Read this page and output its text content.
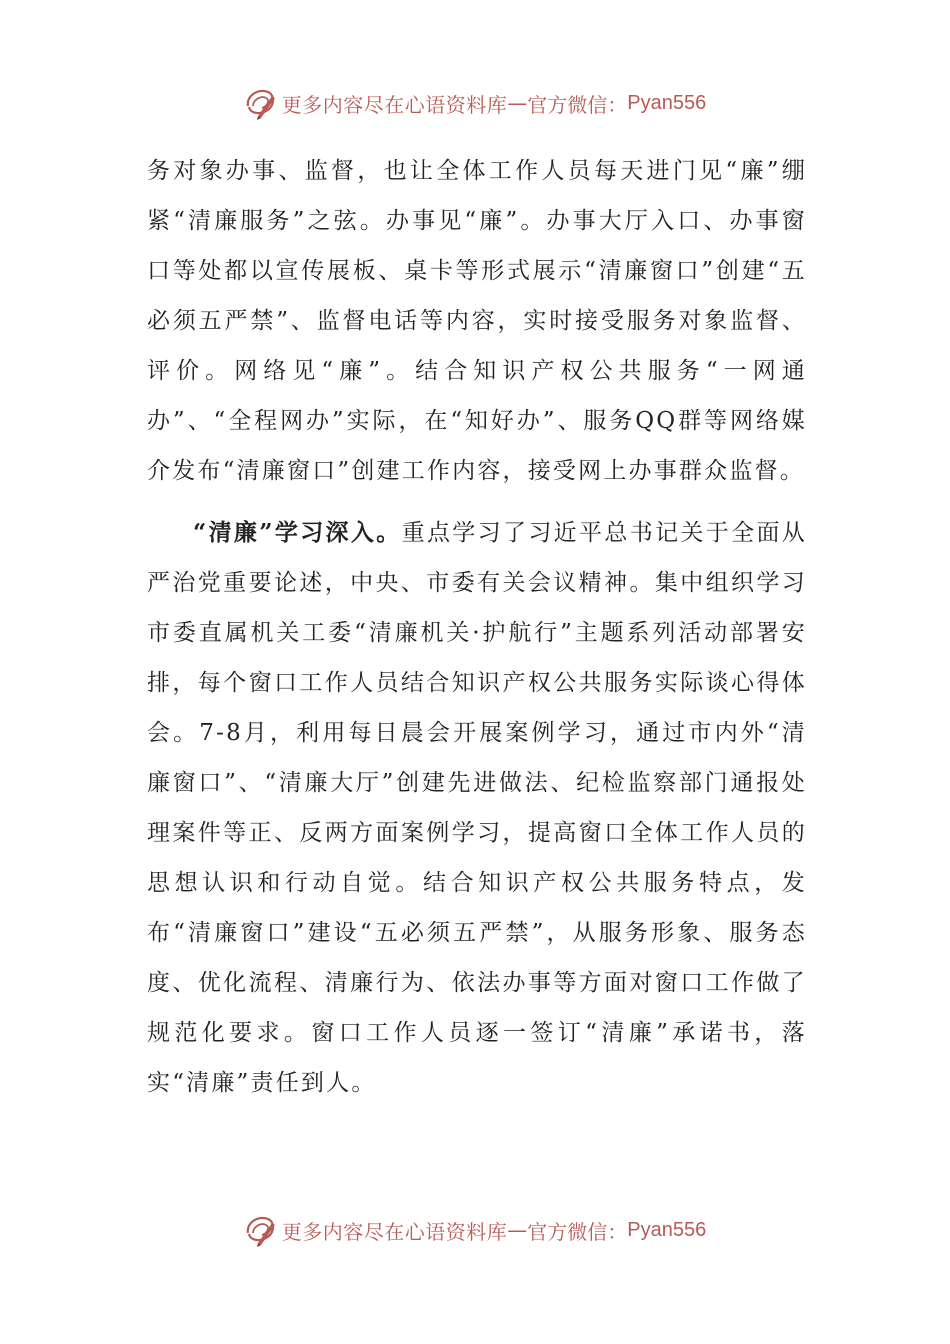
更多内容尽在心语资料库 — 官方微信： Pyan556

务对象办事、监督，也让全体工作人员每天进门见“廉”绷紧“清廉服务”之弦。办事见“廉”。办事大厅入口、办事窗口等处都以宣传展板、桌卡等形式展示“清廉窗口”创建“五必须五严禁”、监督电话等内容，实时接受服务对象监督、评价。网络见“廉”。结合知识产权公共服务“一网通办”、“全程网办”实际，在“知好办”、服务QQ群等网络媒介发布“清廉窗口”创建工作内容，接受网上办事群众监督。

“清廉”学习深入。重点学习了习近平总书记关于全面从严治党重要论述，中央、市委有关会议精神。集中组织学习市委直属机关工委“清廉机关·护航行”主题系列活动部署安排，每个窗口工作人员结合知识产权公共服务实际谈心得体会。7-8月，利用每日晨会开展案例学习，通过市内外“清廉窗口”、“清廉大厅”创建先进做法、纪检监察部门通报处理案件等正、反两方面案例学习，提高窗口全体工作人员的思想认识和行动自觉。结合知识产权公共服务特点，发布“清廉窗口”建设“五必须五严禁”，从服务形象、服务态度、优化流程、清廉行为、依法办事等方面对窗口工作做了规范化要求。窗口工作人员逐一签订“清廉”承诺书，落实“清廉”责任到人。

更多内容尽在心语资料库 — 官方微信： Pyan556
